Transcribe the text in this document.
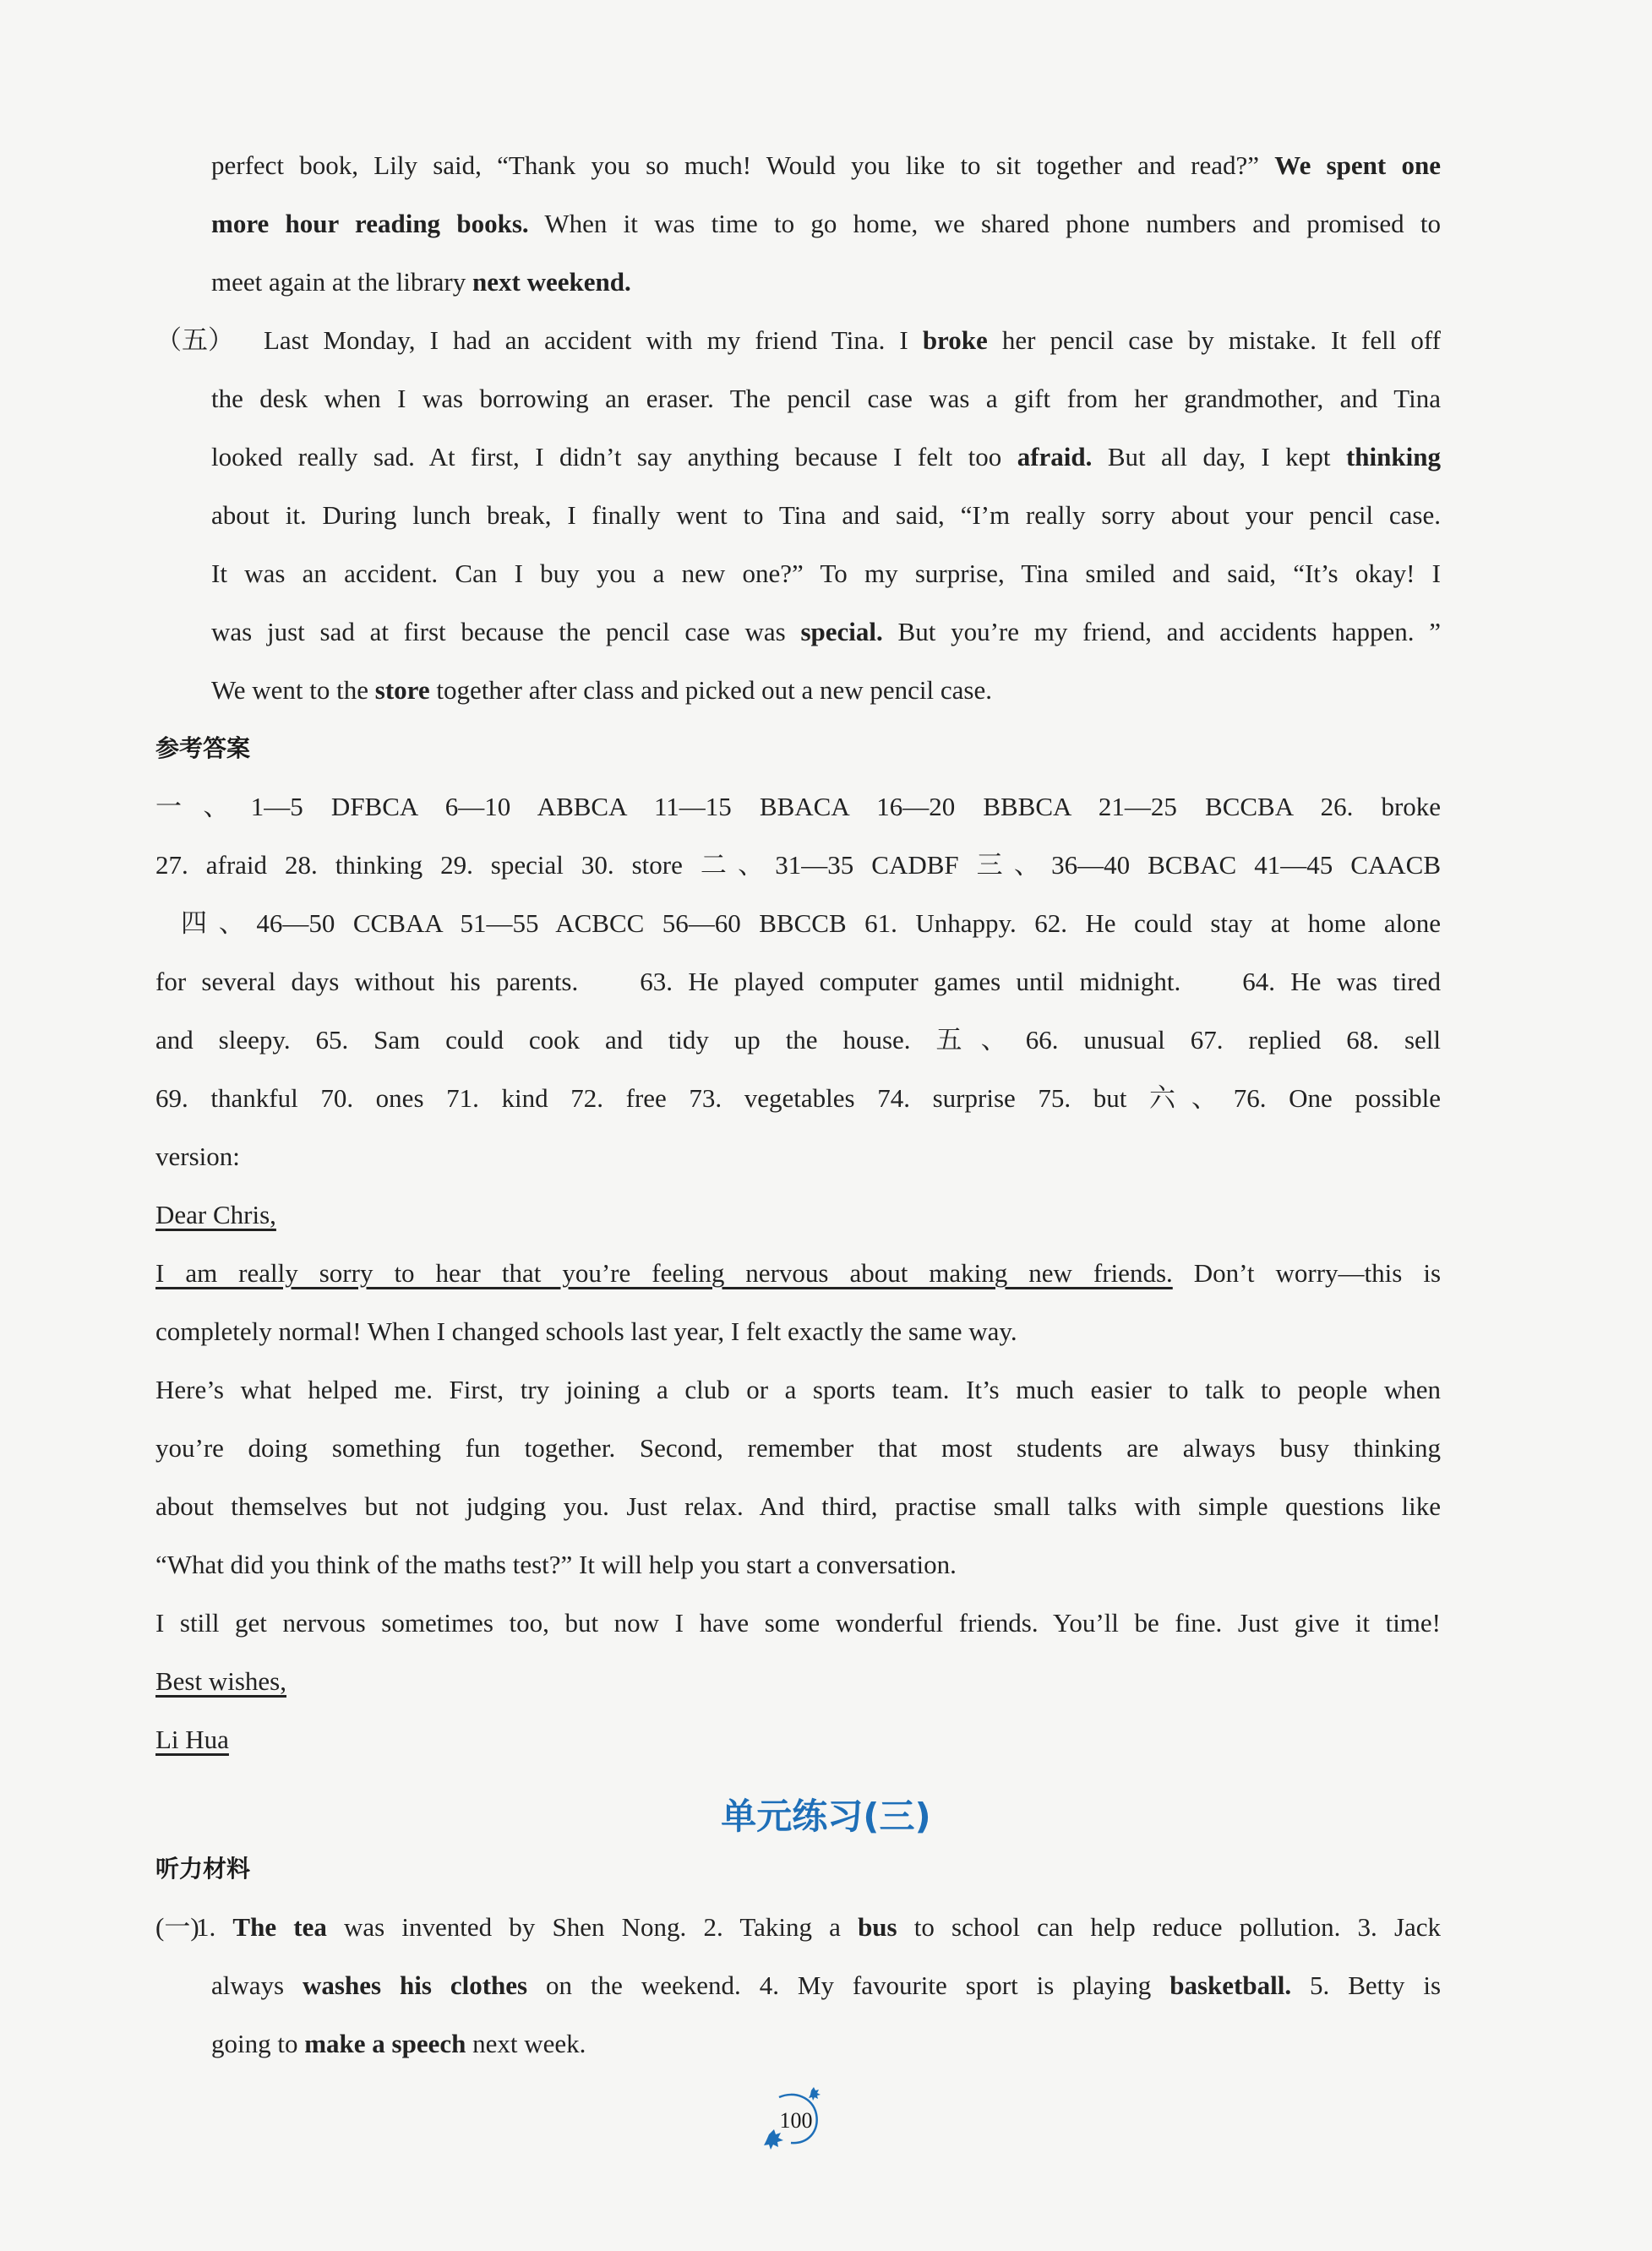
perfect book, Lily said, “Thank you so much! Would you like to sit together and read?” We spent one
more hour reading books. When it was time to go home, we shared phone numbers and promised to
meet again at the library next weekend.
（五） Last Monday, I had an accident with my friend Tina. I broke her pencil case by mistake. It fell off
the desk when I was borrowing an eraser. The pencil case was a gift from her grandmother, and Tina
looked really sad. At first, I didn’t say anything because I felt too afraid. But all day, I kept thinking
about it. During lunch break, I finally went to Tina and said, “I’m really sorry about your pencil case.
It was an accident. Can I buy you a new one?” To my surprise, Tina smiled and said, “It’s okay! I
was just sad at first because the pencil case was special. But you’re my friend, and accidents happen. ”
We went to the store together after class and picked out a new pencil case.
参考答案
一、1—5 DFBCA 6—10 ABBCA 11—15 BBACA 16—20 BBBCA 21—25 BCCBA 26. broke
27. afraid 28. thinking 29. special 30. store 二、31—35 CADBF 三、36—40 BCBAC 41—45 CAACB
四、46—50 CCBAA 51—55 ACBCC 56—60 BBCCB 61. Unhappy. 62. He could stay at home alone
for several days without his parents.    63. He played computer games until midnight.    64. He was tired
and sleepy. 65. Sam could cook and tidy up the house. 五、66. unusual 67. replied 68. sell
69. thankful 70. ones 71. kind 72. free 73. vegetables 74. surprise 75. but 六、76. One possible
version:
Dear Chris,
I am really sorry to hear that you’re feeling nervous about making new friends. Don’t worry—this is
completely normal! When I changed schools last year, I felt exactly the same way.
Here’s what helped me. First, try joining a club or a sports team. It’s much easier to talk to people when
you’re doing something fun together. Second, remember that most students are always busy thinking
about themselves but not judging you. Just relax. And third, practise small talks with simple questions like
“What did you think of the maths test?” It will help you start a conversation.
I still get nervous sometimes too, but now I have some wonderful friends. You’ll be fine. Just give it time!
Best wishes,
Li Hua
单元练习(三)
听力材料
(一)
1. The tea was invented by Shen Nong. 2. Taking a bus to school can help reduce pollution. 3. Jack
always washes his clothes on the weekend. 4. My favourite sport is playing basketball. 5. Betty is
going to make a speech next week.
100
